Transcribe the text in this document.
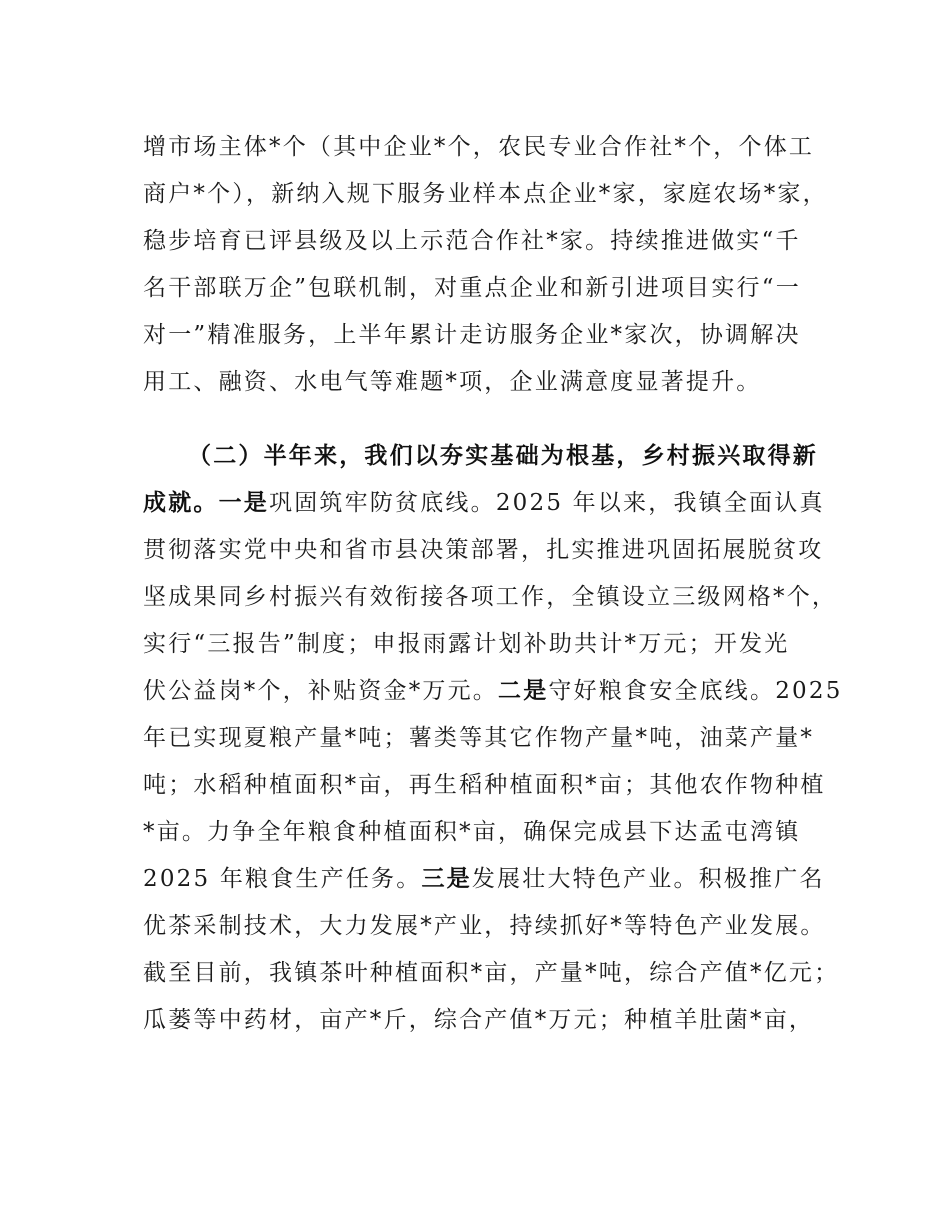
增市场主体*个（其中企业*个，农民专业合作社*个，个体工
商户*个），新纳入规下服务业样本点企业*家，家庭农场*家，
稳步培育已评县级及以上示范合作社*家。持续推进做实“千
名干部联万企”包联机制，对重点企业和新引进项目实行“一
对一”精准服务，上半年累计走访服务企业*家次，协调解决
用工、融资、水电气等难题*项，企业满意度显著提升。
（二）半年来，我们以夯实基础为根基，乡村振兴取得新
成就。一是巩固筑牢防贫底线。2025 年以来，我镇全面认真
贯彻落实党中央和省市县决策部署，扎实推进巩固拓展脱贫攻
坚成果同乡村振兴有效衔接各项工作，全镇设立三级网格*个，
实行“三报告”制度；申报雨露计划补助共计*万元；开发光
伏公益岗*个，补贴资金*万元。二是守好粮食安全底线。2025
年已实现夏粮产量*吨；薯类等其它作物产量*吨，油菜产量*
吨；水稻种植面积*亩，再生稻种植面积*亩；其他农作物种植
*亩。力争全年粮食种植面积*亩，确保完成县下达孟屯湾镇
2025 年粮食生产任务。三是发展壮大特色产业。积极推广名
优茶采制技术，大力发展*产业，持续抓好*等特色产业发展。
截至目前，我镇茶叶种植面积*亩，产量*吨，综合产值*亿元；
瓜蒌等中药材，亩产*斤，综合产值*万元；种植羊肚菌*亩，
